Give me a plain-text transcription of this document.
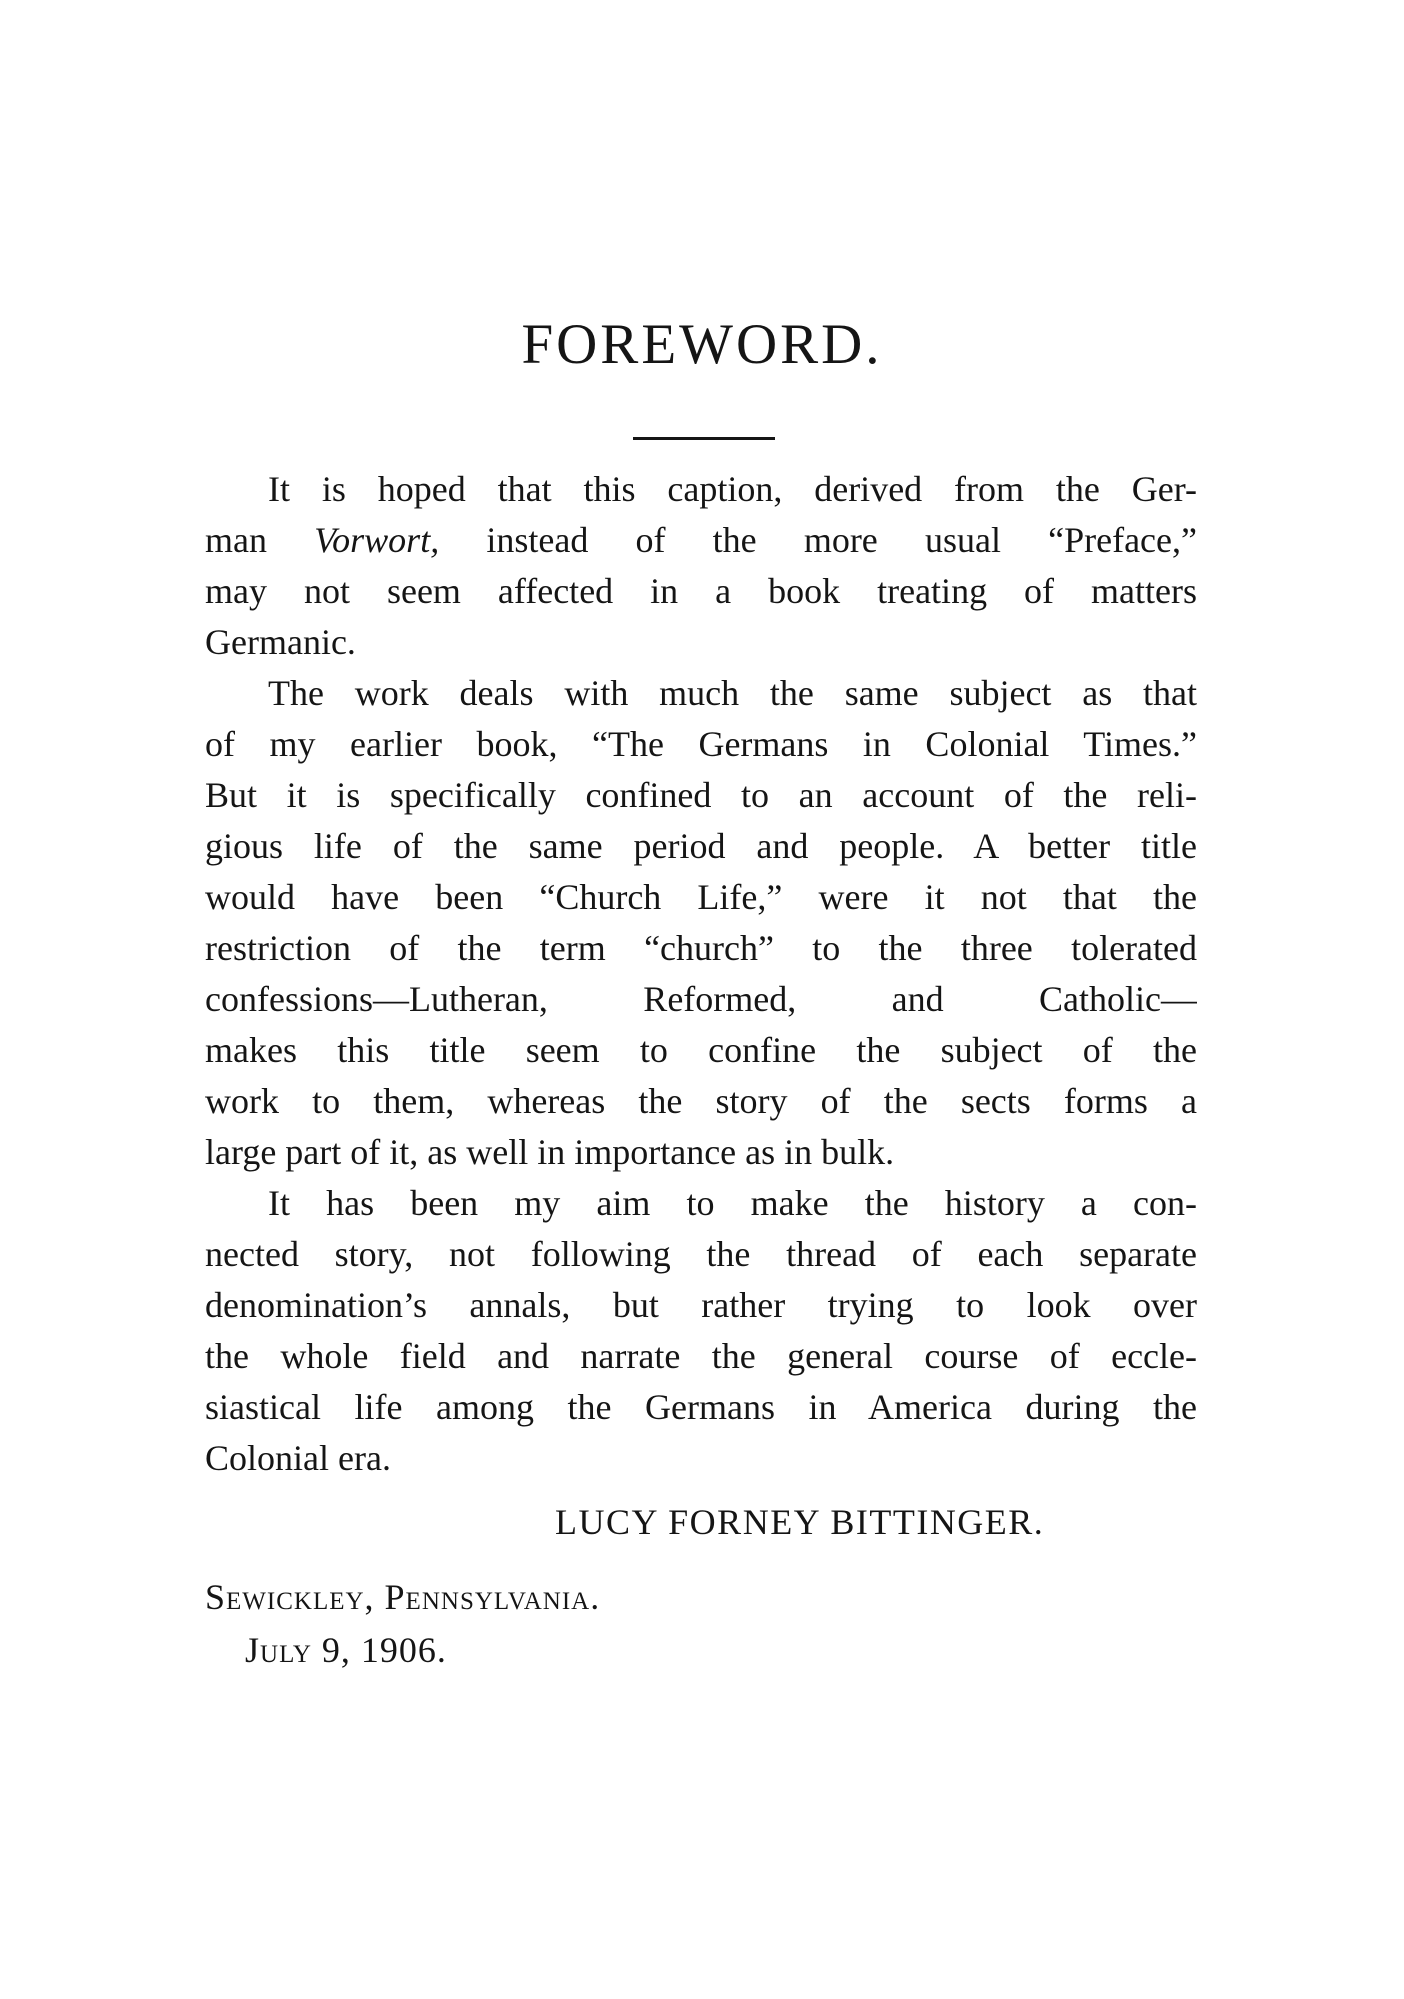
FOREWORD.
It is hoped that this caption, derived from the Ger-
man Vorwort, instead of the more usual “Preface,”
may not seem affected in a book treating of matters
Germanic.
The work deals with much the same subject as that
of my earlier book, “The Germans in Colonial Times.”
But it is specifically confined to an account of the reli-
gious life of the same period and people. A better title
would have been “Church Life,” were it not that the
restriction of the term “church” to the three tolerated
confessions—Lutheran, Reformed, and Catholic—
makes this title seem to confine the subject of the
work to them, whereas the story of the sects forms a
large part of it, as well in importance as in bulk.
It has been my aim to make the history a con-
nected story, not following the thread of each separate
denomination’s annals, but rather trying to look over
the whole field and narrate the general course of eccle-
siastical life among the Germans in America during the
Colonial era.
LUCY FORNEY BITTINGER.
Sewickley, Pennsylvania.
July 9, 1906.
